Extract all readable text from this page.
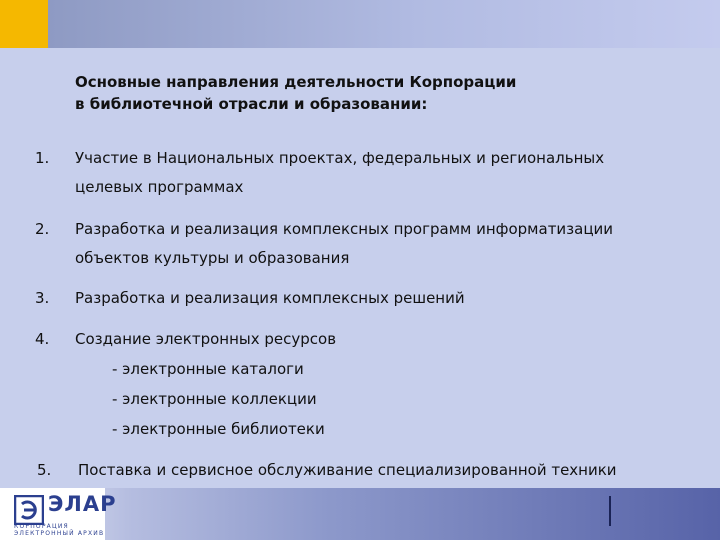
Основные направления деятельности Корпорации
в библиотечной отрасли и образовании:
1. Участие в Национальных проектах, федеральных и региональных
целевых программах
2. Разработка и реализация комплексных программ информатизации
объектов культуры и образования
3. Разработка и реализация комплексных решений
4. Создание электронных ресурсов
- электронные каталоги
- электронные коллекции
- электронные библиотеки
5. Поставка и сервисное обслуживание специализированной техники
ЭЛАР
КОРПОРАЦИЯ
ЭЛЕКТРОННЫЙ АРХИВ
